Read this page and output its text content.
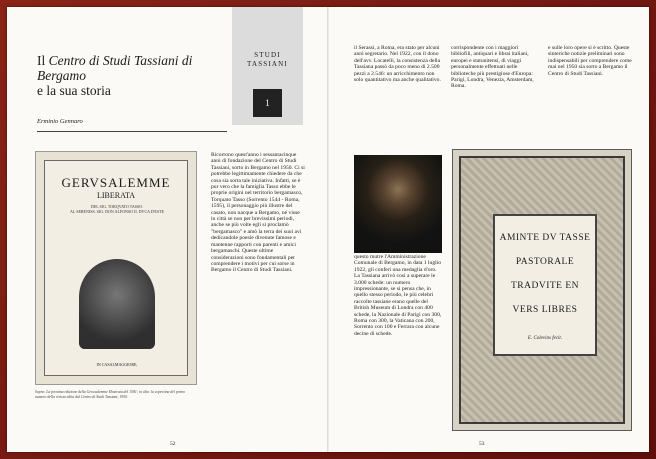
Il Centro di Studi Tassiani di Bergamo
e la sua storia
Erminio Gennaro
STUDI
TASSIANI
1
GERVSALEMME
LIBERATA
DEL SIG. TORQVATO TASSO.
AL SERENISS. SIG. DON ALFONSO II. DVCA D'ESTE
IN CASALMAGGIORE,
Sopra: La prosima edizione della Gerusalemme Mostrata del 1581; in alto: la copertina del primo numero della rivista edita dal Centro di Studi Tassiani, 1950.
Ricorrono quest'anno i sessantacinque anni di fondazione del Centro di Studi Tassiani, sorto in Bergamo nel 1950. Ci si potrebbe legittimamente chiedere da che cosa sia sorta tale iniziativa. Infatti, se è pur vero che la famiglia Tasso ebbe le proprie origini nel territorio bergamasco, Torquato Tasso (Sorrento 1544 - Roma, 1595), il personaggio più illustre del casato, non nacque a Bergamo, né visse in città se non per brevissimi periodi, anche se più volte egli si proclamò "bergamasco" e amò la terra dei suoi avi dedicandole poesie divenute famose e mantenne rapporti con parenti e amici bergamaschi. Queste ultime considerazioni sono fondamentali per comprendere i motivi per cui sorse in Bergamo il Centro di Studi Tassiani.
52
il Serassi, a Roma, era stato per alcuni anni segretario. Nel 1922, con il dono dell'avv. Locatelli, la consistenza della Tassiana passò da poco meno di 2.500 pezzi a 2.546: un arricchimento non solo quantitativo ma anche qualitativo.
corrispondente con i maggiori bibliofili, antiquari e librai italiani, europei e statunitensi, di viaggi personalmente effettuati nelle biblioteche più prestigiose d'Europa: Parigi, Londra, Venezia, Amsterdam, Roma.
e sulle loro opere si è scritto. Queste sinteriche notizie preliminari sono indispensabili per comprendere come mai nel 1950 sia sorto a Bergamo il Centro di Studi Tassiani.
questo mutre l'Amministrazione Comunale di Bergamo, in data 1 luglio 1922, gli conferì una medaglia d'oro. La Tassiana arrivò così a superare le 3.000 schede: un numero impressionante, se si pensa che, in quello stesso periodo, le più celebri raccolte tassiane erano quelle del British Museum di Londra con 400 schede, la Nazionale di Parigi con 300, Roma con 300, la Vaticana con 200, Sorrento con 100 e Ferrara con alcune decine di schede.
AMINTE DV TASSE
PASTORALE
TRADVITE EN
VERS LIBRES
E. Colevins fecit.
53
